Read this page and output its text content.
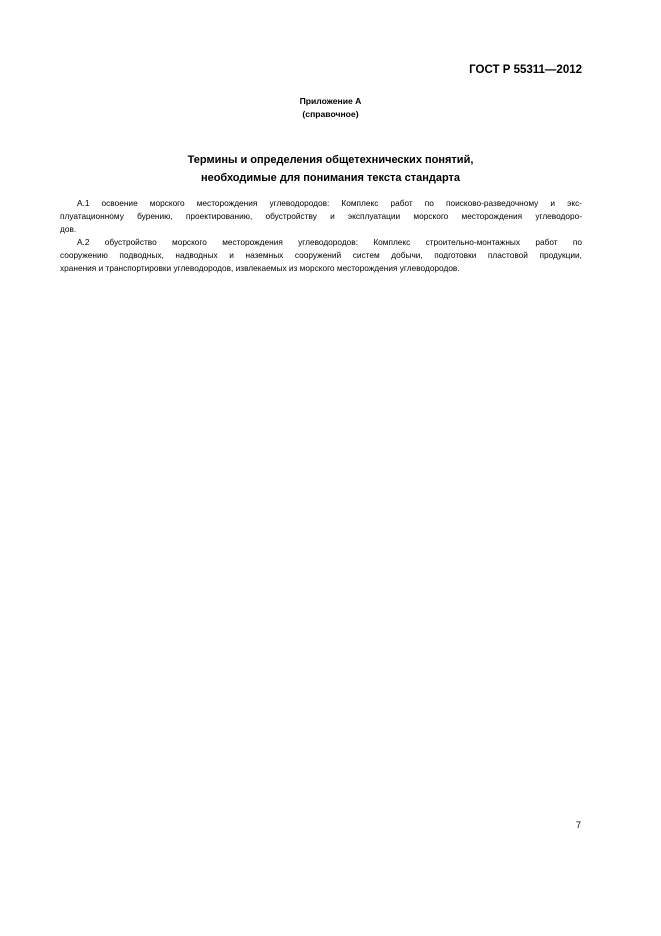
ГОСТ Р 55311—2012
Приложение А
(справочное)
Термины и определения общетехнических понятий,
необходимые для понимания текста стандарта
А.1 освоение морского месторождения углеводородов: Комплекс работ по поисково-разведочному и экс-
плуатационному бурению, проектированию, обустройству и эксплуатации морского месторождения углеводоро-
дов.
А.2 обустройство морского месторождения углеводородов: Комплекс строительно-монтажных работ по
сооружению подводных, надводных и наземных сооружений систем добычи, подготовки пластовой продукции,
хранения и транспортировки углеводородов, извлекаемых из морского месторождения углеводородов.
7
